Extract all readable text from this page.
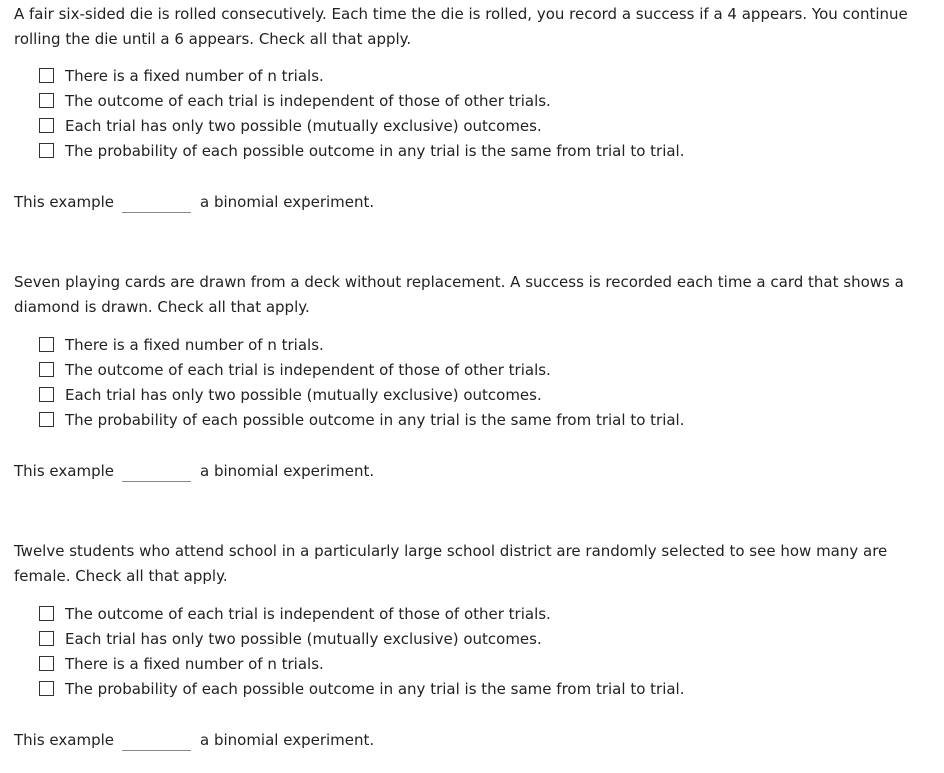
A fair six-sided die is rolled consecutively. Each time the die is rolled, you record a success if a 4 appears. You continue rolling the die until a 6 appears. Check all that apply.

There is a fixed number of n trials.
The outcome of each trial is independent of those of other trials.
Each trial has only two possible (mutually exclusive) outcomes.
The probability of each possible outcome in any trial is the same from trial to trial.
This example	a binomial experiment.

Seven playing cards are drawn from a deck without replacement. A success is recorded each time a card that shows a diamond is drawn. Check all that apply.

There is a fixed number of n trials.
The outcome of each trial is independent of those of other trials.
Each trial has only two possible (mutually exclusive) outcomes.
The probability of each possible outcome in any trial is the same from trial to trial.
This example	a binomial experiment.

Twelve students who attend school in a particularly large school district are randomly selected to see how many are female. Check all that apply.

The outcome of each trial is independent of those of other trials.
Each trial has only two possible (mutually exclusive) outcomes.
There is a fixed number of n trials.
The probability of each possible outcome in any trial is the same from trial to trial.
This example	a binomial experiment.
